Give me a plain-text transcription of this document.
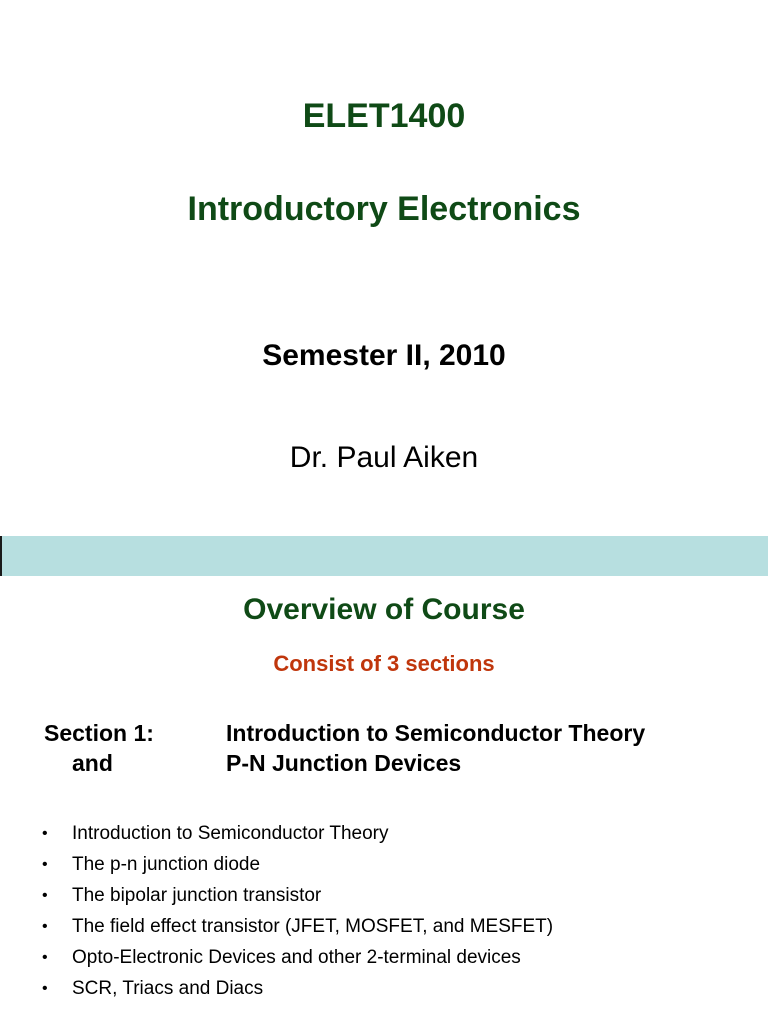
ELET1400
Introductory Electronics
Semester II, 2010
Dr. Paul Aiken
Overview of Course
Consist of 3 sections
Section 1:
and
Introduction to Semiconductor Theory
P-N Junction Devices
• Introduction to Semiconductor Theory
• The p-n junction diode
• The bipolar junction transistor
• The field effect transistor (JFET, MOSFET, and MESFET)
• Opto-Electronic Devices and other 2-terminal devices
• SCR, Triacs and Diacs
